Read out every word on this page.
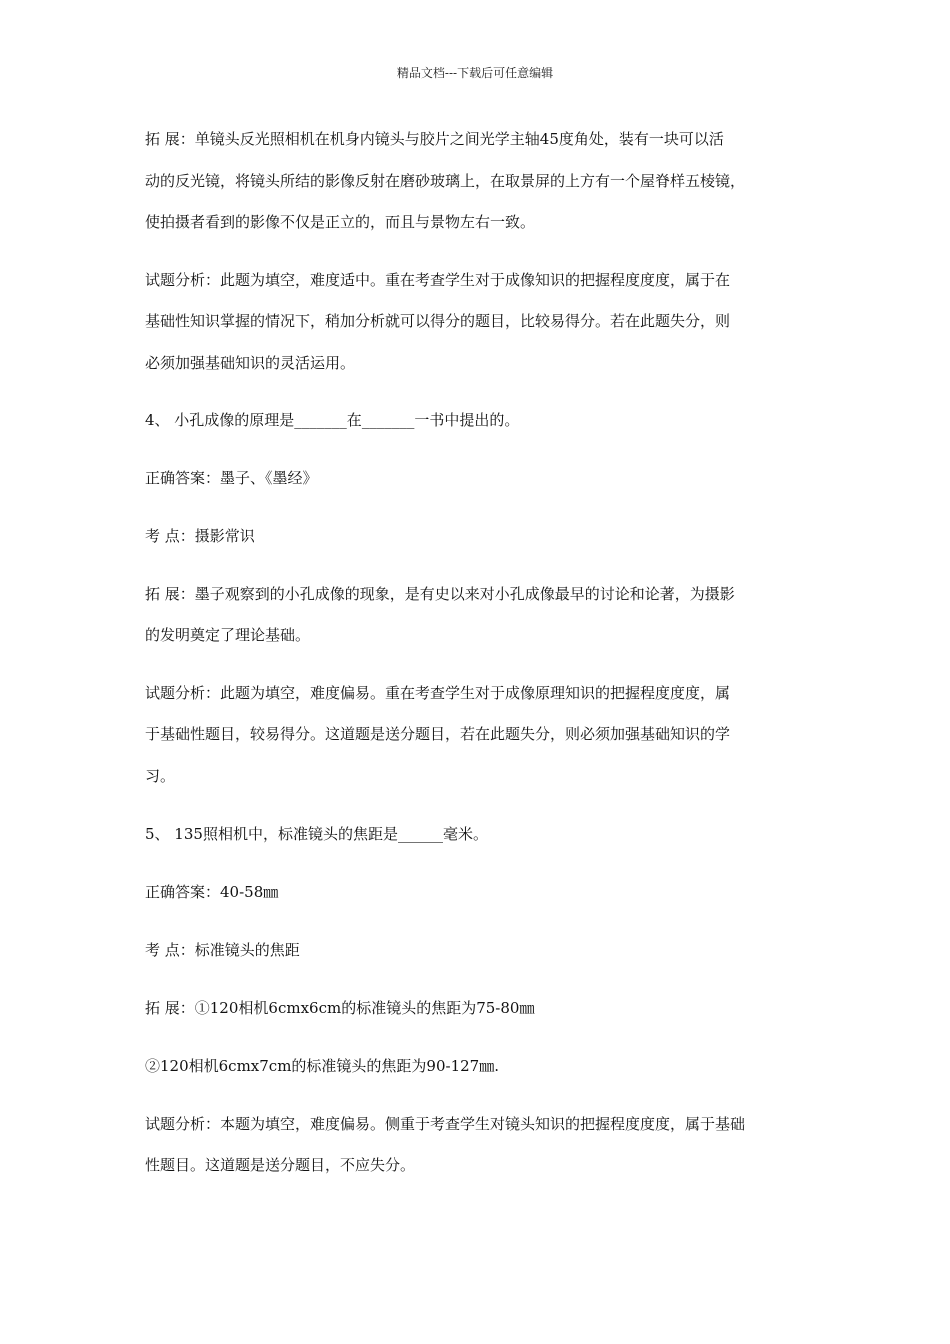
精品文档---下载后可任意编辑
拓 展：单镜头反光照相机在机身内镜头与胶片之间光学主轴45度角处，装有一块可以活
动的反光镜，将镜头所结的影像反射在磨砂玻璃上，在取景屏的上方有一个屋脊样五棱镜，
使拍摄者看到的影像不仅是正立的，而且与景物左右一致。
试题分析：此题为填空，难度适中。重在考查学生对于成像知识的把握程度度度，属于在
基础性知识掌握的情况下，稍加分析就可以得分的题目，比较易得分。若在此题失分，则
必须加强基础知识的灵活运用。
4、 小孔成像的原理是_______在_______一书中提出的。
正确答案：墨子、《墨经》
考 点：摄影常识
拓 展：墨子观察到的小孔成像的现象，是有史以来对小孔成像最早的讨论和论著，为摄影
的发明奠定了理论基础。
试题分析：此题为填空，难度偏易。重在考查学生对于成像原理知识的把握程度度度，属
于基础性题目，较易得分。这道题是送分题目，若在此题失分，则必须加强基础知识的学
习。
5、 135照相机中，标准镜头的焦距是______毫米。
正确答案：40-58㎜
考 点：标准镜头的焦距
拓 展：①120相机6cmx6cm的标准镜头的焦距为75-80㎜
②120相机6cmx7cm的标准镜头的焦距为90-127㎜.
试题分析：本题为填空，难度偏易。侧重于考查学生对镜头知识的把握程度度度，属于基础
性题目。这道题是送分题目，不应失分。
